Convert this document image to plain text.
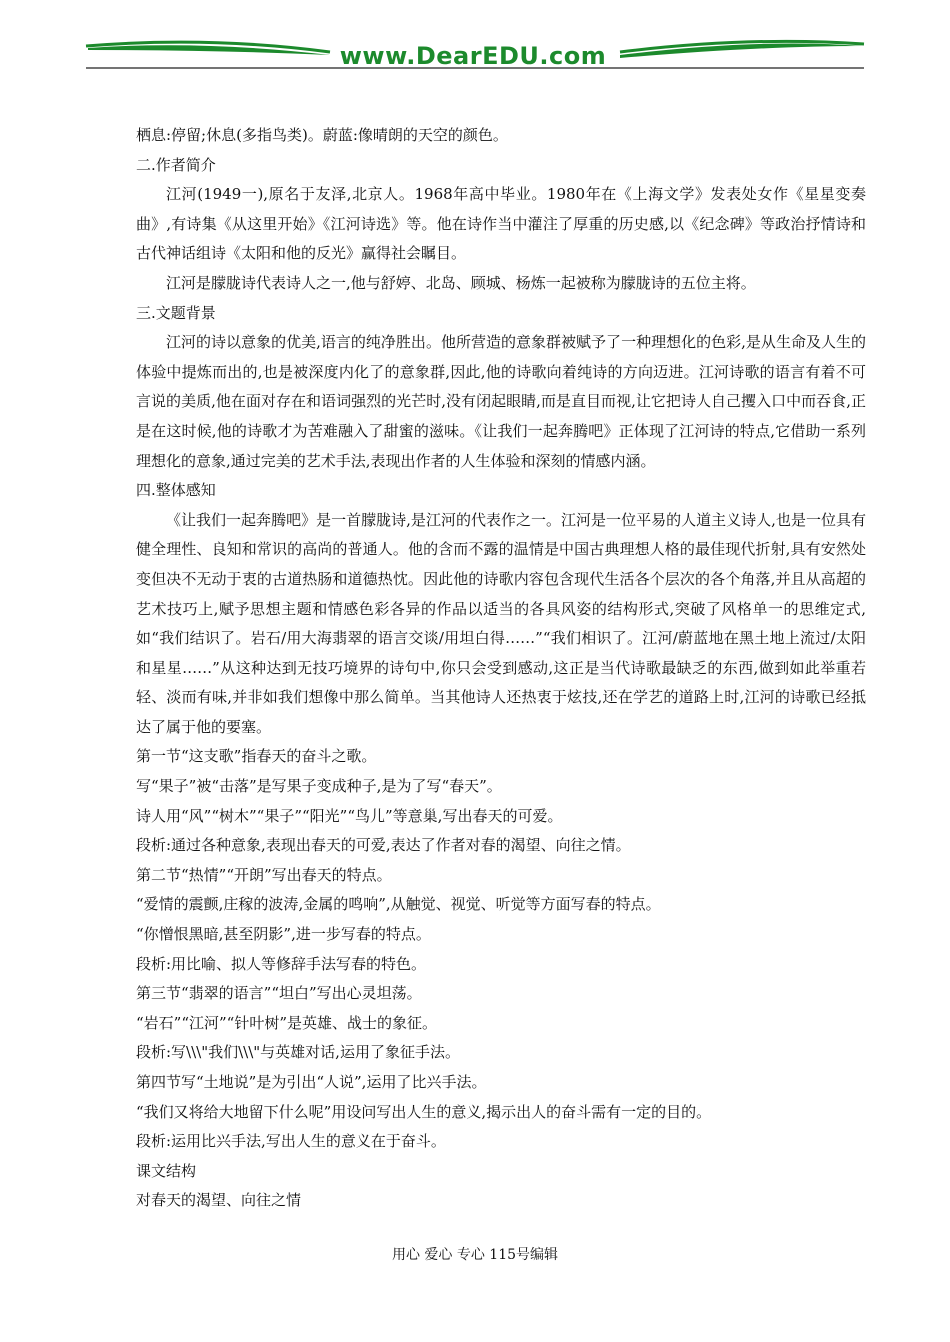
www.DearEDU.com

栖息:停留;休息(多指鸟类)。蔚蓝:像晴朗的天空的颜色。

二.作者简介

江河(1949一),原名于友泽,北京人。1968年高中毕业。1980年在《上海文学》发表处女作《星星变奏曲》,有诗集《从这里开始》《江河诗选》等。他在诗作当中灌注了厚重的历史感,以《纪念碑》等政治抒情诗和古代神话组诗《太阳和他的反光》赢得社会瞩目。

江河是朦胧诗代表诗人之一,他与舒婷、北岛、顾城、杨炼一起被称为朦胧诗的五位主将。

三.文题背景

江河的诗以意象的优美,语言的纯净胜出。他所营造的意象群被赋予了一种理想化的色彩,是从生命及人生的体验中提炼而出的,也是被深度内化了的意象群,因此,他的诗歌向着纯诗的方向迈进。江河诗歌的语言有着不可言说的美质,他在面对存在和语词强烈的光芒时,没有闭起眼睛,而是直目而视,让它把诗人自己攫入口中而吞食,正是在这时候,他的诗歌才为苦难融入了甜蜜的滋味。《让我们一起奔腾吧》正体现了江河诗的特点,它借助一系列理想化的意象,通过完美的艺术手法,表现出作者的人生体验和深刻的情感内涵。

四.整体感知

《让我们一起奔腾吧》是一首朦胧诗,是江河的代表作之一。江河是一位平易的人道主义诗人,也是一位具有健全理性、良知和常识的高尚的普通人。他的含而不露的温情是中国古典理想人格的最佳现代折射,具有安然处变但决不无动于衷的古道热肠和道德热忱。因此他的诗歌内容包含现代生活各个层次的各个角落,并且从高超的艺术技巧上,赋予思想主题和情感色彩各异的作品以适当的各具风姿的结构形式,突破了风格单一的思维定式,如“我们结识了。岩石/用大海翡翠的语言交谈/用坦白得……”“我们相识了。江河/蔚蓝地在黑土地上流过/太阳和星星……”从这种达到无技巧境界的诗句中,你只会受到感动,这正是当代诗歌最缺乏的东西,做到如此举重若轻、淡而有味,并非如我们想像中那么简单。当其他诗人还热衷于炫技,还在学艺的道路上时,江河的诗歌已经抵达了属于他的要塞。

第一节“这支歌”指春天的奋斗之歌。

写“果子”被“击落”是写果子变成种子,是为了写“春天”。

诗人用“风”“树木”“果子”“阳光”“鸟儿”等意巢,写出春天的可爱。

段析:通过各种意象,表现出春天的可爱,表达了作者对春的渴望、向往之情。

第二节“热情”“开朗”写出春天的特点。

“爱情的震颤,庄稼的波涛,金属的鸣响”,从触觉、视觉、听觉等方面写春的特点。

“你憎恨黑暗,甚至阴影”,进一步写春的特点。

段析:用比喻、拟人等修辞手法写春的特色。

第三节“翡翠的语言”“坦白”写出心灵坦荡。

“岩石”“江河”“针叶树”是英雄、战士的象征。

段析:写\\\"我们\\\"与英雄对话,运用了象征手法。

第四节写“土地说”是为引出“人说”,运用了比兴手法。

“我们又将给大地留下什么呢”用设问写出人生的意义,揭示出人的奋斗需有一定的目的。

段析:运用比兴手法,写出人生的意义在于奋斗。

课文结构

对春天的渴望、向往之情

用心 爱心 专心 115号编辑
